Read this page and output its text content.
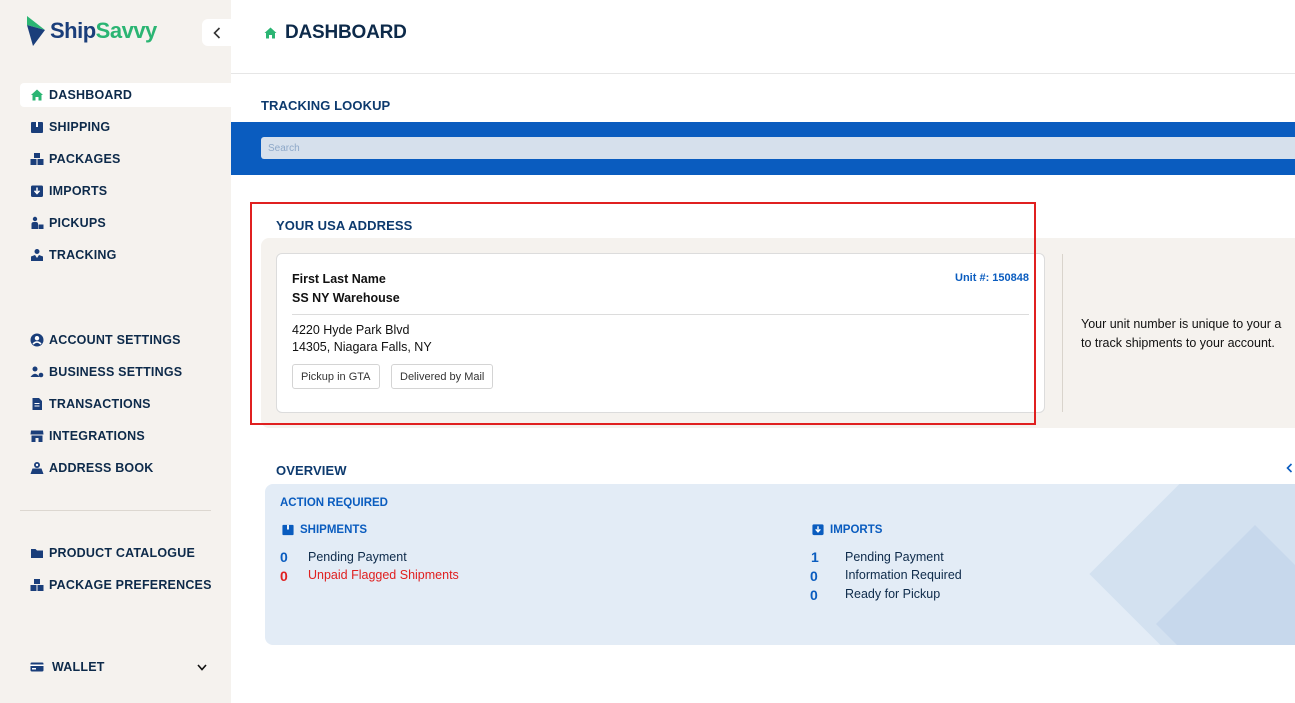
ShipSavvy
DASHBOARD
SHIPPING
PACKAGES
IMPORTS
PICKUPS
TRACKING
ACCOUNT SETTINGS
BUSINESS SETTINGS
TRANSACTIONS
INTEGRATIONS
ADDRESS BOOK
PRODUCT CATALOGUE
PACKAGE PREFERENCES
WALLET
DASHBOARD
TRACKING LOOKUP
Search
YOUR USA ADDRESS
First Last Name
SS NY Warehouse
Unit #: 150848
4220 Hyde Park Blvd
14305, Niagara Falls, NY
Pickup in GTA	Delivered by Mail
Your unit number is unique to your a
to track shipments to your account.
OVERVIEW
ACTION REQUIRED
SHIPMENTS
0 Pending Payment
0 Unpaid Flagged Shipments
IMPORTS
1 Pending Payment
0 Information Required
0 Ready for Pickup
